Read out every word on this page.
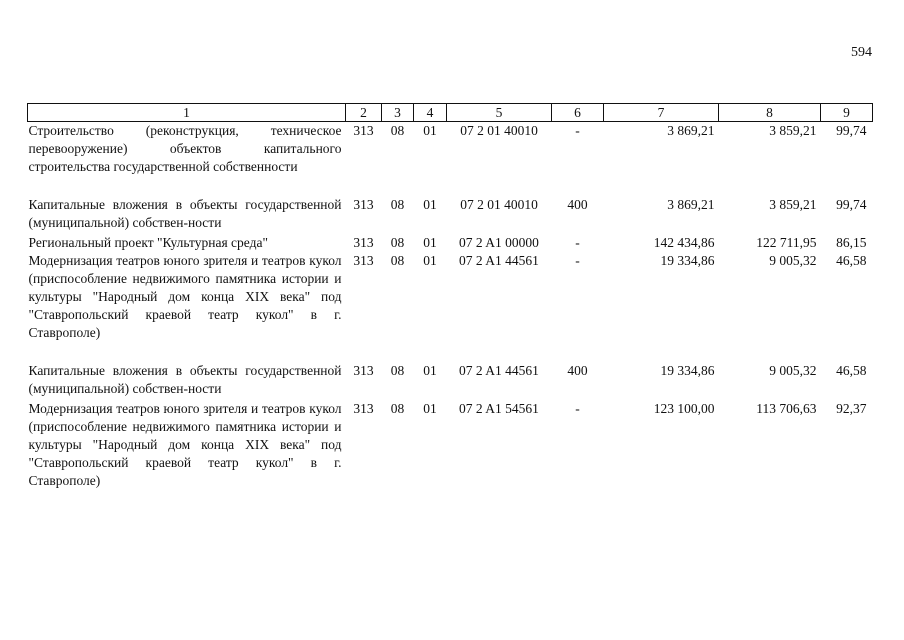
594
1	2	3	4	5	6	7	8	9
Строительство (реконструкция, техническое перевооружение) объектов капитального строительства государственной собственности	313	08	01	07 2 01 40010	-	3 869,21	3 859,21	99,74
Капитальные вложения в объекты государственной (муниципальной) собствен-ности	313	08	01	07 2 01 40010	400	3 869,21	3 859,21	99,74
Региональный проект "Культурная среда"	313	08	01	07 2 A1 00000	-	142 434,86	122 711,95	86,15
Модернизация театров юного зрителя и театров кукол (приспособление недвижимого памятника истории и культуры "Народный дом конца XIX века" под "Ставропольский краевой театр кукол" в г. Ставрополе)	313	08	01	07 2 A1 44561	-	19 334,86	9 005,32	46,58
Капитальные вложения в объекты государственной (муниципальной) собствен-ности	313	08	01	07 2 A1 44561	400	19 334,86	9 005,32	46,58
Модернизация театров юного зрителя и театров кукол (приспособление недвижимого памятника истории и культуры "Народный дом конца XIX века" под "Ставропольский краевой театр кукол" в г. Ставрополе)	313	08	01	07 2 A1 54561	-	123 100,00	113 706,63	92,37
